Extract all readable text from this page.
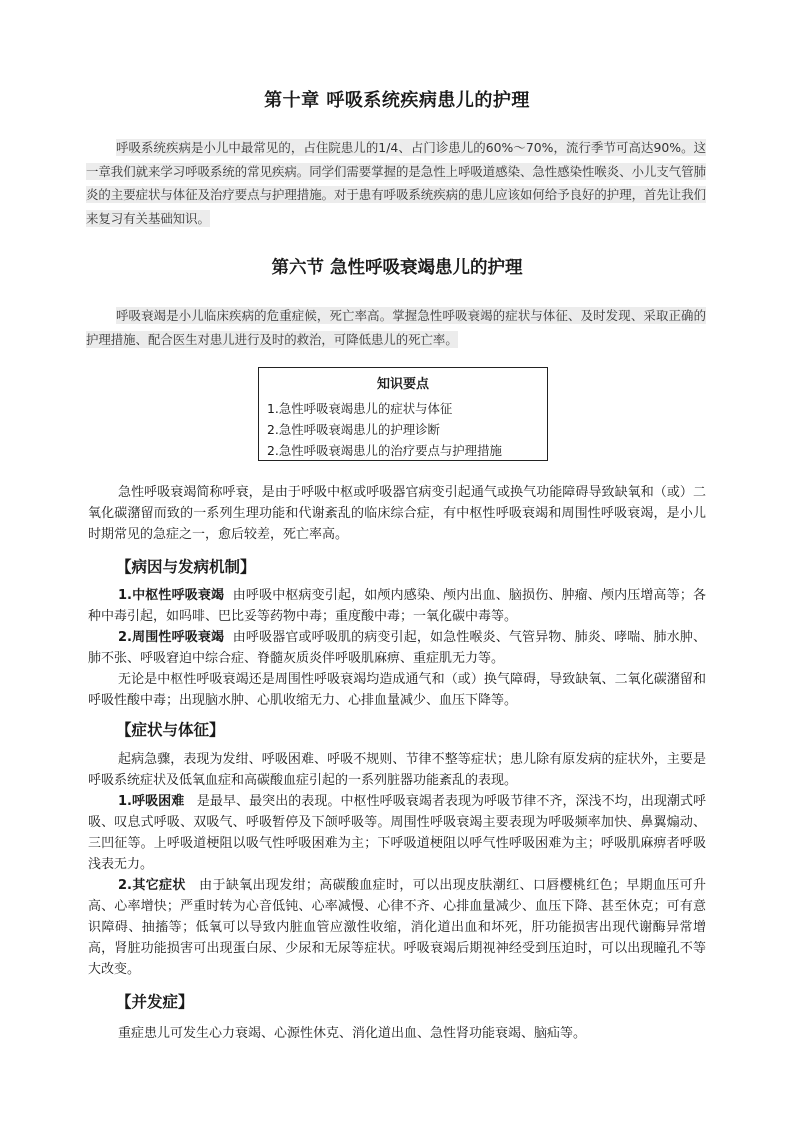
第十章 呼吸系统疾病患儿的护理

呼吸系统疾病是小儿中最常见的，占住院患儿的1/4、占门诊患儿的60%～70%，流行季节可高达90%。这一章我们就来学习呼吸系统的常见疾病。同学们需要掌握的是急性上呼吸道感染、急性感染性喉炎、小儿支气管肺炎的主要症状与体征及治疗要点与护理措施。对于患有呼吸系统疾病的患儿应该如何给予良好的护理，首先让我们来复习有关基础知识。

第六节 急性呼吸衰竭患儿的护理

呼吸衰竭是小儿临床疾病的危重症候，死亡率高。掌握急性呼吸衰竭的症状与体征、及时发现、采取正确的护理措施、配合医生对患儿进行及时的救治，可降低患儿的死亡率。

知识要点
1.急性呼吸衰竭患儿的症状与体征
2.急性呼吸衰竭患儿的护理诊断
2.急性呼吸衰竭患儿的治疗要点与护理措施

急性呼吸衰竭简称呼衰，是由于呼吸中枢或呼吸器官病变引起通气或换气功能障碍导致缺氧和（或）二氧化碳潴留而致的一系列生理功能和代谢紊乱的临床综合症，有中枢性呼吸衰竭和周围性呼吸衰竭，是小儿时期常见的急症之一，愈后较差，死亡率高。

【病因与发病机制】

1.中枢性呼吸衰竭 由呼吸中枢病变引起，如颅内感染、颅内出血、脑损伤、肿瘤、颅内压增高等；各种中毒引起，如吗啡、巴比妥等药物中毒；重度酸中毒；一氧化碳中毒等。

2.周围性呼吸衰竭 由呼吸器官或呼吸肌的病变引起，如急性喉炎、气管异物、肺炎、哮喘、肺水肿、肺不张、呼吸窘迫中综合症、脊髓灰质炎伴呼吸肌麻痹、重症肌无力等。

无论是中枢性呼吸衰竭还是周围性呼吸衰竭均造成通气和（或）换气障碍，导致缺氧、二氧化碳潴留和呼吸性酸中毒；出现脑水肿、心肌收缩无力、心排血量减少、血压下降等。

【症状与体征】

起病急骤，表现为发绀、呼吸困难、呼吸不规则、节律不整等症状；患儿除有原发病的症状外，主要是呼吸系统症状及低氧血症和高碳酸血症引起的一系列脏器功能紊乱的表现。

1.呼吸困难 是最早、最突出的表现。中枢性呼吸衰竭者表现为呼吸节律不齐，深浅不均，出现潮式呼吸、叹息式呼吸、双吸气、呼吸暂停及下颌呼吸等。周围性呼吸衰竭主要表现为呼吸频率加快、鼻翼煽动、三凹征等。上呼吸道梗阻以吸气性呼吸困难为主；下呼吸道梗阻以呼气性呼吸困难为主；呼吸肌麻痹者呼吸浅表无力。

2.其它症状 由于缺氧出现发绀；高碳酸血症时，可以出现皮肤潮红、口唇樱桃红色；早期血压可升高、心率增快；严重时转为心音低钝、心率减慢、心律不齐、心排血量减少、血压下降、甚至休克；可有意识障碍、抽搐等；低氧可以导致内脏血管应激性收缩，消化道出血和坏死，肝功能损害出现代谢酶异常增高，肾脏功能损害可出现蛋白尿、少尿和无尿等症状。呼吸衰竭后期视神经受到压迫时，可以出现瞳孔不等大改变。

【并发症】

重症患儿可发生心力衰竭、心源性休克、消化道出血、急性肾功能衰竭、脑疝等。
